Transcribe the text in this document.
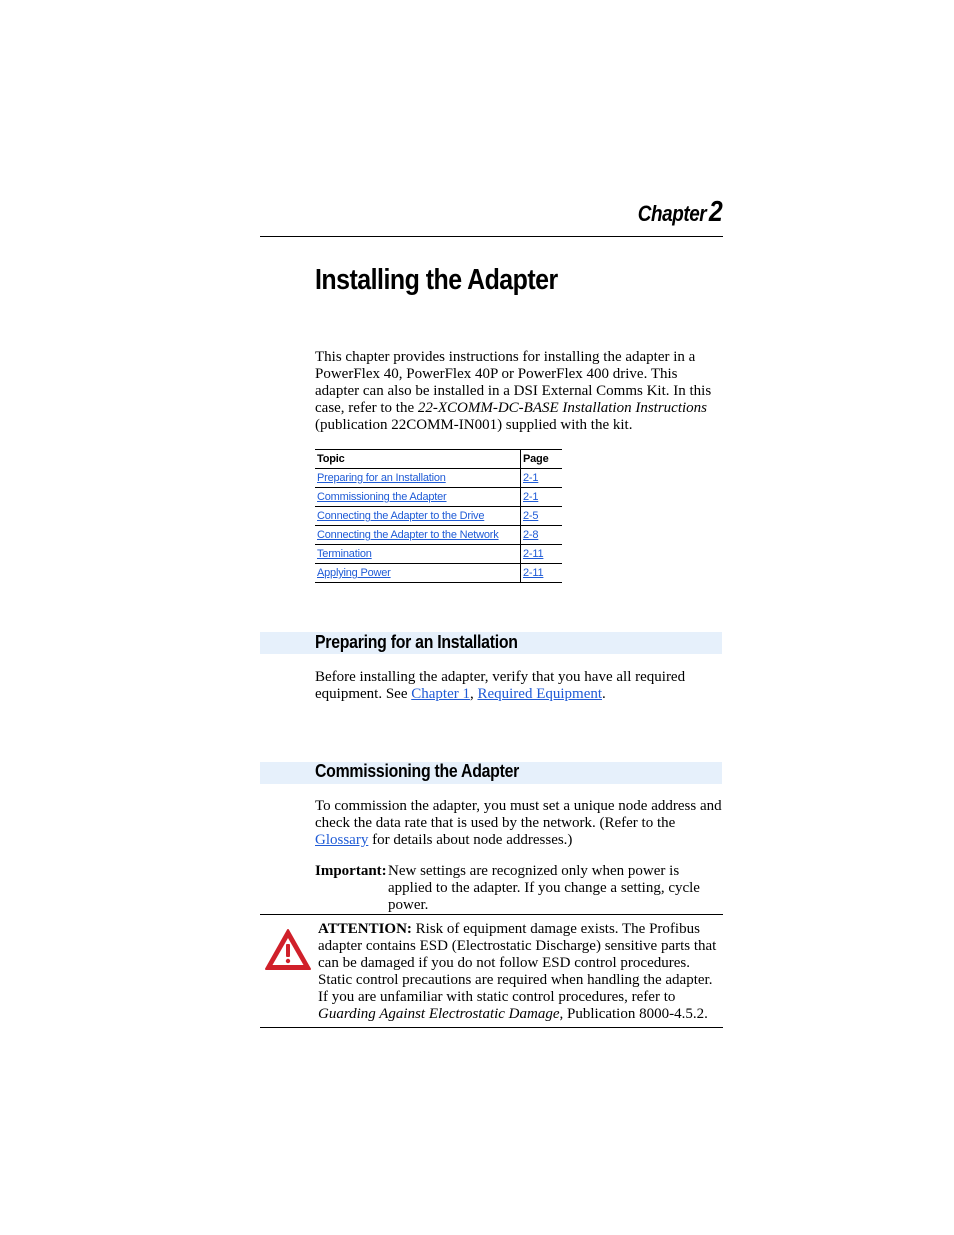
Chapter2
Installing the Adapter
This chapter provides instructions for installing the adapter in a PowerFlex 40, PowerFlex 40P or PowerFlex 400 drive. This adapter can also be installed in a DSI External Comms Kit. In this case, refer to the 22-XCOMM-DC-BASE Installation Instructions (publication 22COMM-IN001) supplied with the kit.
Topic	Page
Preparing for an Installation	2-1
Commissioning the Adapter	2-1
Connecting the Adapter to the Drive	2-5
Connecting the Adapter to the Network	2-8
Termination	2-11
Applying Power	2-11
Preparing for an Installation
Before installing the adapter, verify that you have all required equipment. See Chapter 1, Required Equipment.
Commissioning the Adapter
To commission the adapter, you must set a unique node address and check the data rate that is used by the network. (Refer to the Glossary for details about node addresses.)
Important: New settings are recognized only when power is applied to the adapter. If you change a setting, cycle power.
ATTENTION: Risk of equipment damage exists. The Profibus adapter contains ESD (Electrostatic Discharge) sensitive parts that can be damaged if you do not follow ESD control procedures. Static control precautions are required when handling the adapter. If you are unfamiliar with static control procedures, refer to Guarding Against Electrostatic Damage, Publication 8000-4.5.2.
